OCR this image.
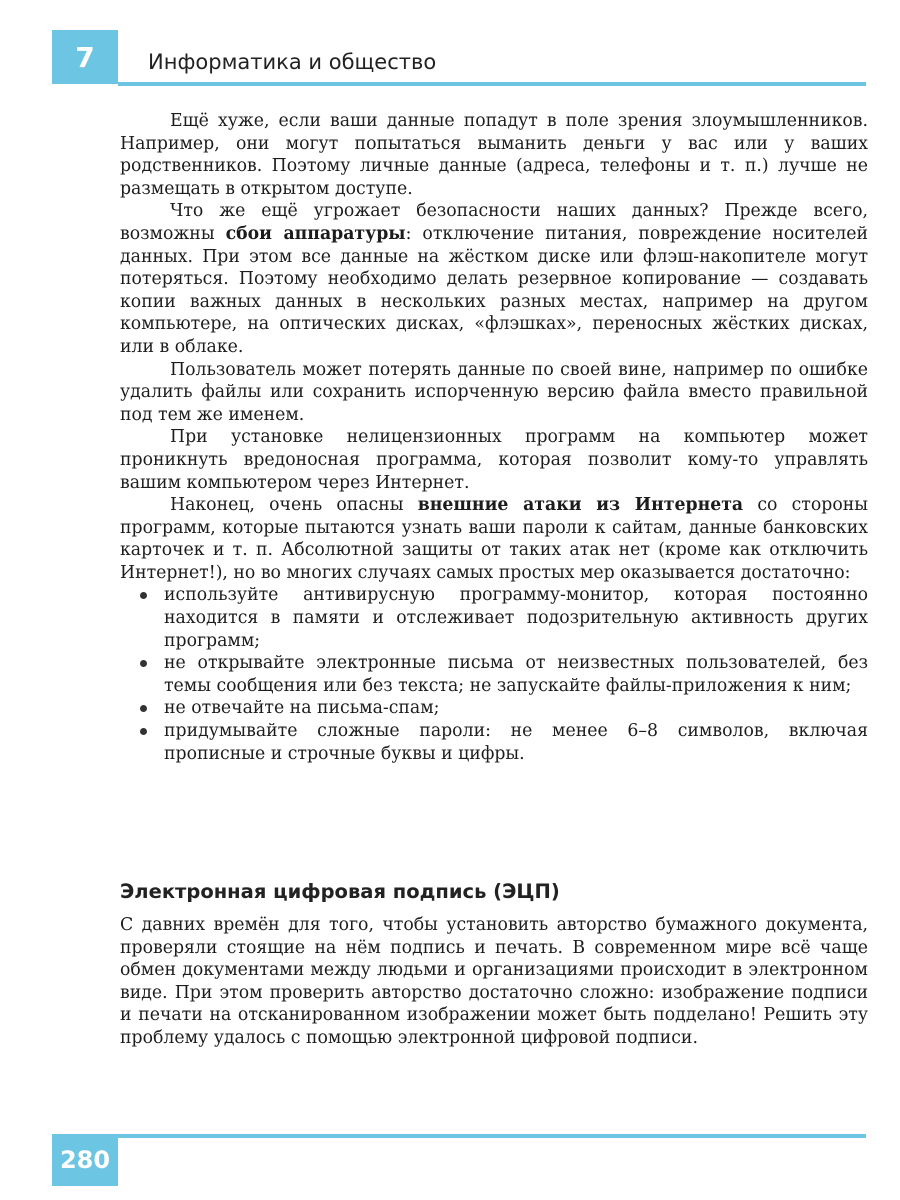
7	Информатика и общество

Ещё хуже, если ваши данные попадут в поле зрения злоумышленников. Например, они могут попытаться выманить деньги у вас или у ваших родственников. Поэтому личные данные (адреса, телефоны и т. п.) лучше не размещать в открытом доступе.

Что же ещё угрожает безопасности наших данных? Прежде всего, возможны сбои аппаратуры: отключение питания, повреждение носителей данных. При этом все данные на жёстком диске или флэш-накопителе могут потеряться. Поэтому необходимо делать резервное копирование — создавать копии важных данных в нескольких разных местах, например на другом компьютере, на оптических дисках, «флэшках», переносных жёстких дисках, или в облаке.

Пользователь может потерять данные по своей вине, например по ошибке удалить файлы или сохранить испорченную версию файла вместо правильной под тем же именем.

При установке нелицензионных программ на компьютер может проникнуть вредоносная программа, которая позволит кому-то управлять вашим компьютером через Интернет.

Наконец, очень опасны внешние атаки из Интернета со стороны программ, которые пытаются узнать ваши пароли к сайтам, данные банковских карточек и т. п. Абсолютной защиты от таких атак нет (кроме как отключить Интернет!), но во многих случаях самых простых мер оказывается достаточно:

используйте антивирусную программу-монитор, которая постоянно находится в памяти и отслеживает подозрительную активность других программ;
не открывайте электронные письма от неизвестных пользователей, без темы сообщения или без текста; не запускайте файлы-приложения к ним;
не отвечайте на письма-спам;
придумывайте сложные пароли: не менее 6–8 символов, включая прописные и строчные буквы и цифры.
Электронная цифровая подпись (ЭЦП)

С давних времён для того, чтобы установить авторство бумажного документа, проверяли стоящие на нём подпись и печать. В современном мире всё чаще обмен документами между людьми и организациями происходит в электронном виде. При этом проверить авторство достаточно сложно: изображение подписи и печати на отсканированном изображении может быть подделано! Решить эту проблему удалось с помощью электронной цифровой подписи.

280
